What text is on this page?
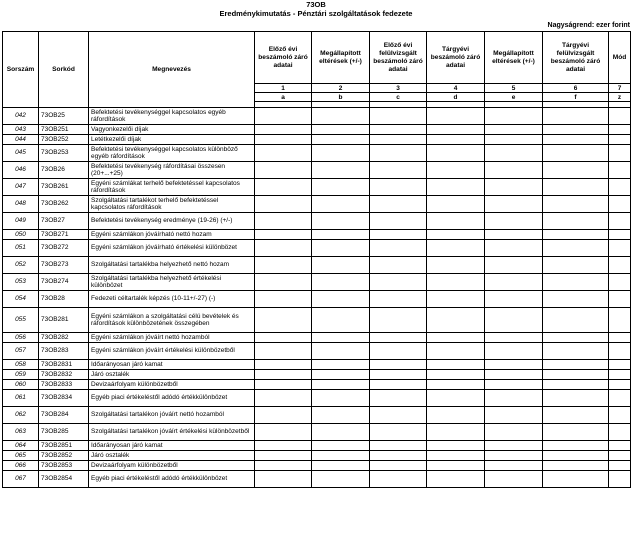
73OB
Eredménykimutatás - Pénztári szolgáltatások fedezete
Nagyságrend: ezer forint
Sorszám	Sorkód	Megnevezés	Előző évi beszámoló záró adatai	Megállapított eltérések (+/-)	Előző évi felülvizsgált beszámoló záró adatai	Tárgyévi beszámoló záró adatai	Megállapított eltérések (+/-)	Tárgyévi felülvizsgált beszámoló záró adatai	Mód
			1	2	3	4	5	6	7
			a	b	c	d	e	f	z

042	73OB25	Befektetési tevékenységgel kapcsolatos egyéb ráfordítások							
043	73OB251	Vagyonkezelői díjak							
044	73OB252	Letétkezelői díjak							
045	73OB253	Befektetési tevékenységgel kapcsolatos különböző egyéb ráfordítások							
046	73OB26	Befektetési tevékenység ráfordításai összesen (20+...+25)							
047	73OB261	Egyéni számlákat terhelő befektetéssel kapcsolatos ráfordítások							
048	73OB262	Szolgáltatási tartalékot terhelő befektetéssel kapcsolatos ráfordítások							
049	73OB27	Befektetési tevékenység eredménye (19-26) (+/-)							
050	73OB271	Egyéni számlákon jóváírható nettó hozam							
051	73OB272	Egyéni számlákon jóváírható értékelési különbözet							
052	73OB273	Szolgáltatási tartalékba helyezhető nettó hozam							
053	73OB274	Szolgáltatási tartalékba helyezhető értékelési különbözet							
054	73OB28	Fedezeti céltartalék képzés (10-11+/-27) (-)							
055	73OB281	Egyéni számlákon a szolgáltatási célú bevételek és ráfordítások különbözetének összegében							
056	73OB282	Egyéni számlákon jóváírt nettó hozamból							
057	73OB283	Egyéni számlákon jóváírt értékelési különbözetből							
058	73OB2831	Időarányosan járó kamat							
059	73OB2832	Járó osztalék							
060	73OB2833	Devizaárfolyam különbözetből							
061	73OB2834	Egyéb piaci értékeléstől adódó értékkülönbözet							
062	73OB284	Szolgáltatási tartalékon jóváírt nettó hozamból							
063	73OB285	Szolgáltatási tartalékon jóváírt értékelési különbözetből							
064	73OB2851	Időarányosan járó kamat							
065	73OB2852	Járó osztalék							
066	73OB2853	Devizaárfolyam különbözetből							
067	73OB2854	Egyéb piaci értékeléstől adódó értékkülönbözet							
